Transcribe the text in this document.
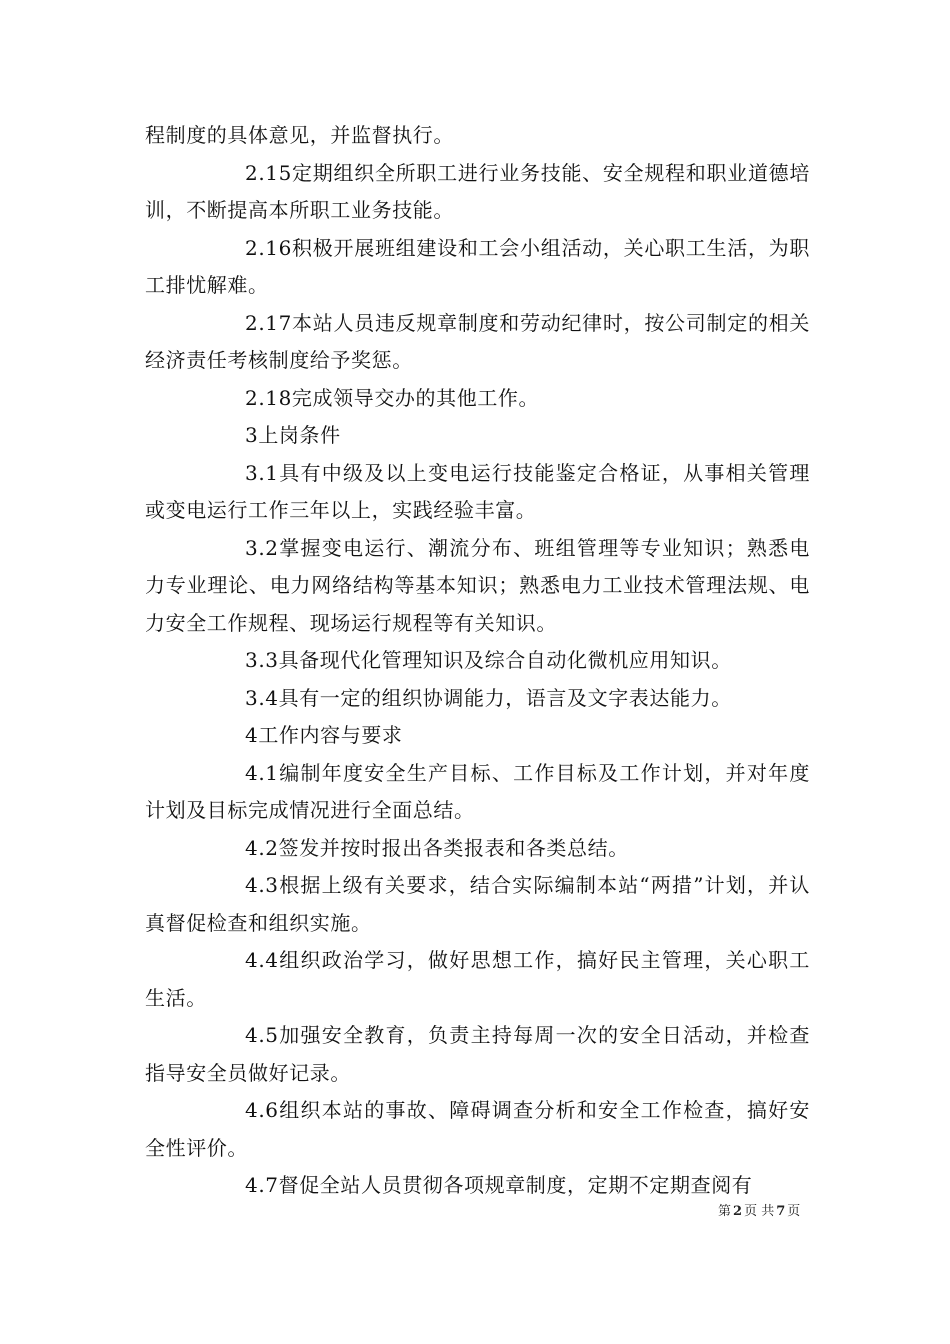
程制度的具体意见，并监督执行。

2.15定期组织全所职工进行业务技能、安全规程和职业道德培训，不断提高本所职工业务技能。

2.16积极开展班组建设和工会小组活动，关心职工生活，为职工排忧解难。

2.17本站人员违反规章制度和劳动纪律时，按公司制定的相关经济责任考核制度给予奖惩。

2.18完成领导交办的其他工作。

3上岗条件

3.1具有中级及以上变电运行技能鉴定合格证，从事相关管理或变电运行工作三年以上，实践经验丰富。

3.2掌握变电运行、潮流分布、班组管理等专业知识；熟悉电力专业理论、电力网络结构等基本知识；熟悉电力工业技术管理法规、电力安全工作规程、现场运行规程等有关知识。

3.3具备现代化管理知识及综合自动化微机应用知识。

3.4具有一定的组织协调能力，语言及文字表达能力。

4工作内容与要求

4.1编制年度安全生产目标、工作目标及工作计划，并对年度计划及目标完成情况进行全面总结。

4.2签发并按时报出各类报表和各类总结。

4.3根据上级有关要求，结合实际编制本站“两措”计划，并认真督促检查和组织实施。

4.4组织政治学习，做好思想工作，搞好民主管理，关心职工生活。

4.5加强安全教育，负责主持每周一次的安全日活动，并检查指导安全员做好记录。

4.6组织本站的事故、障碍调查分析和安全工作检查，搞好安全性评价。

4.7督促全站人员贯彻各项规章制度，定期不定期查阅有

第 2 页 共 7 页
